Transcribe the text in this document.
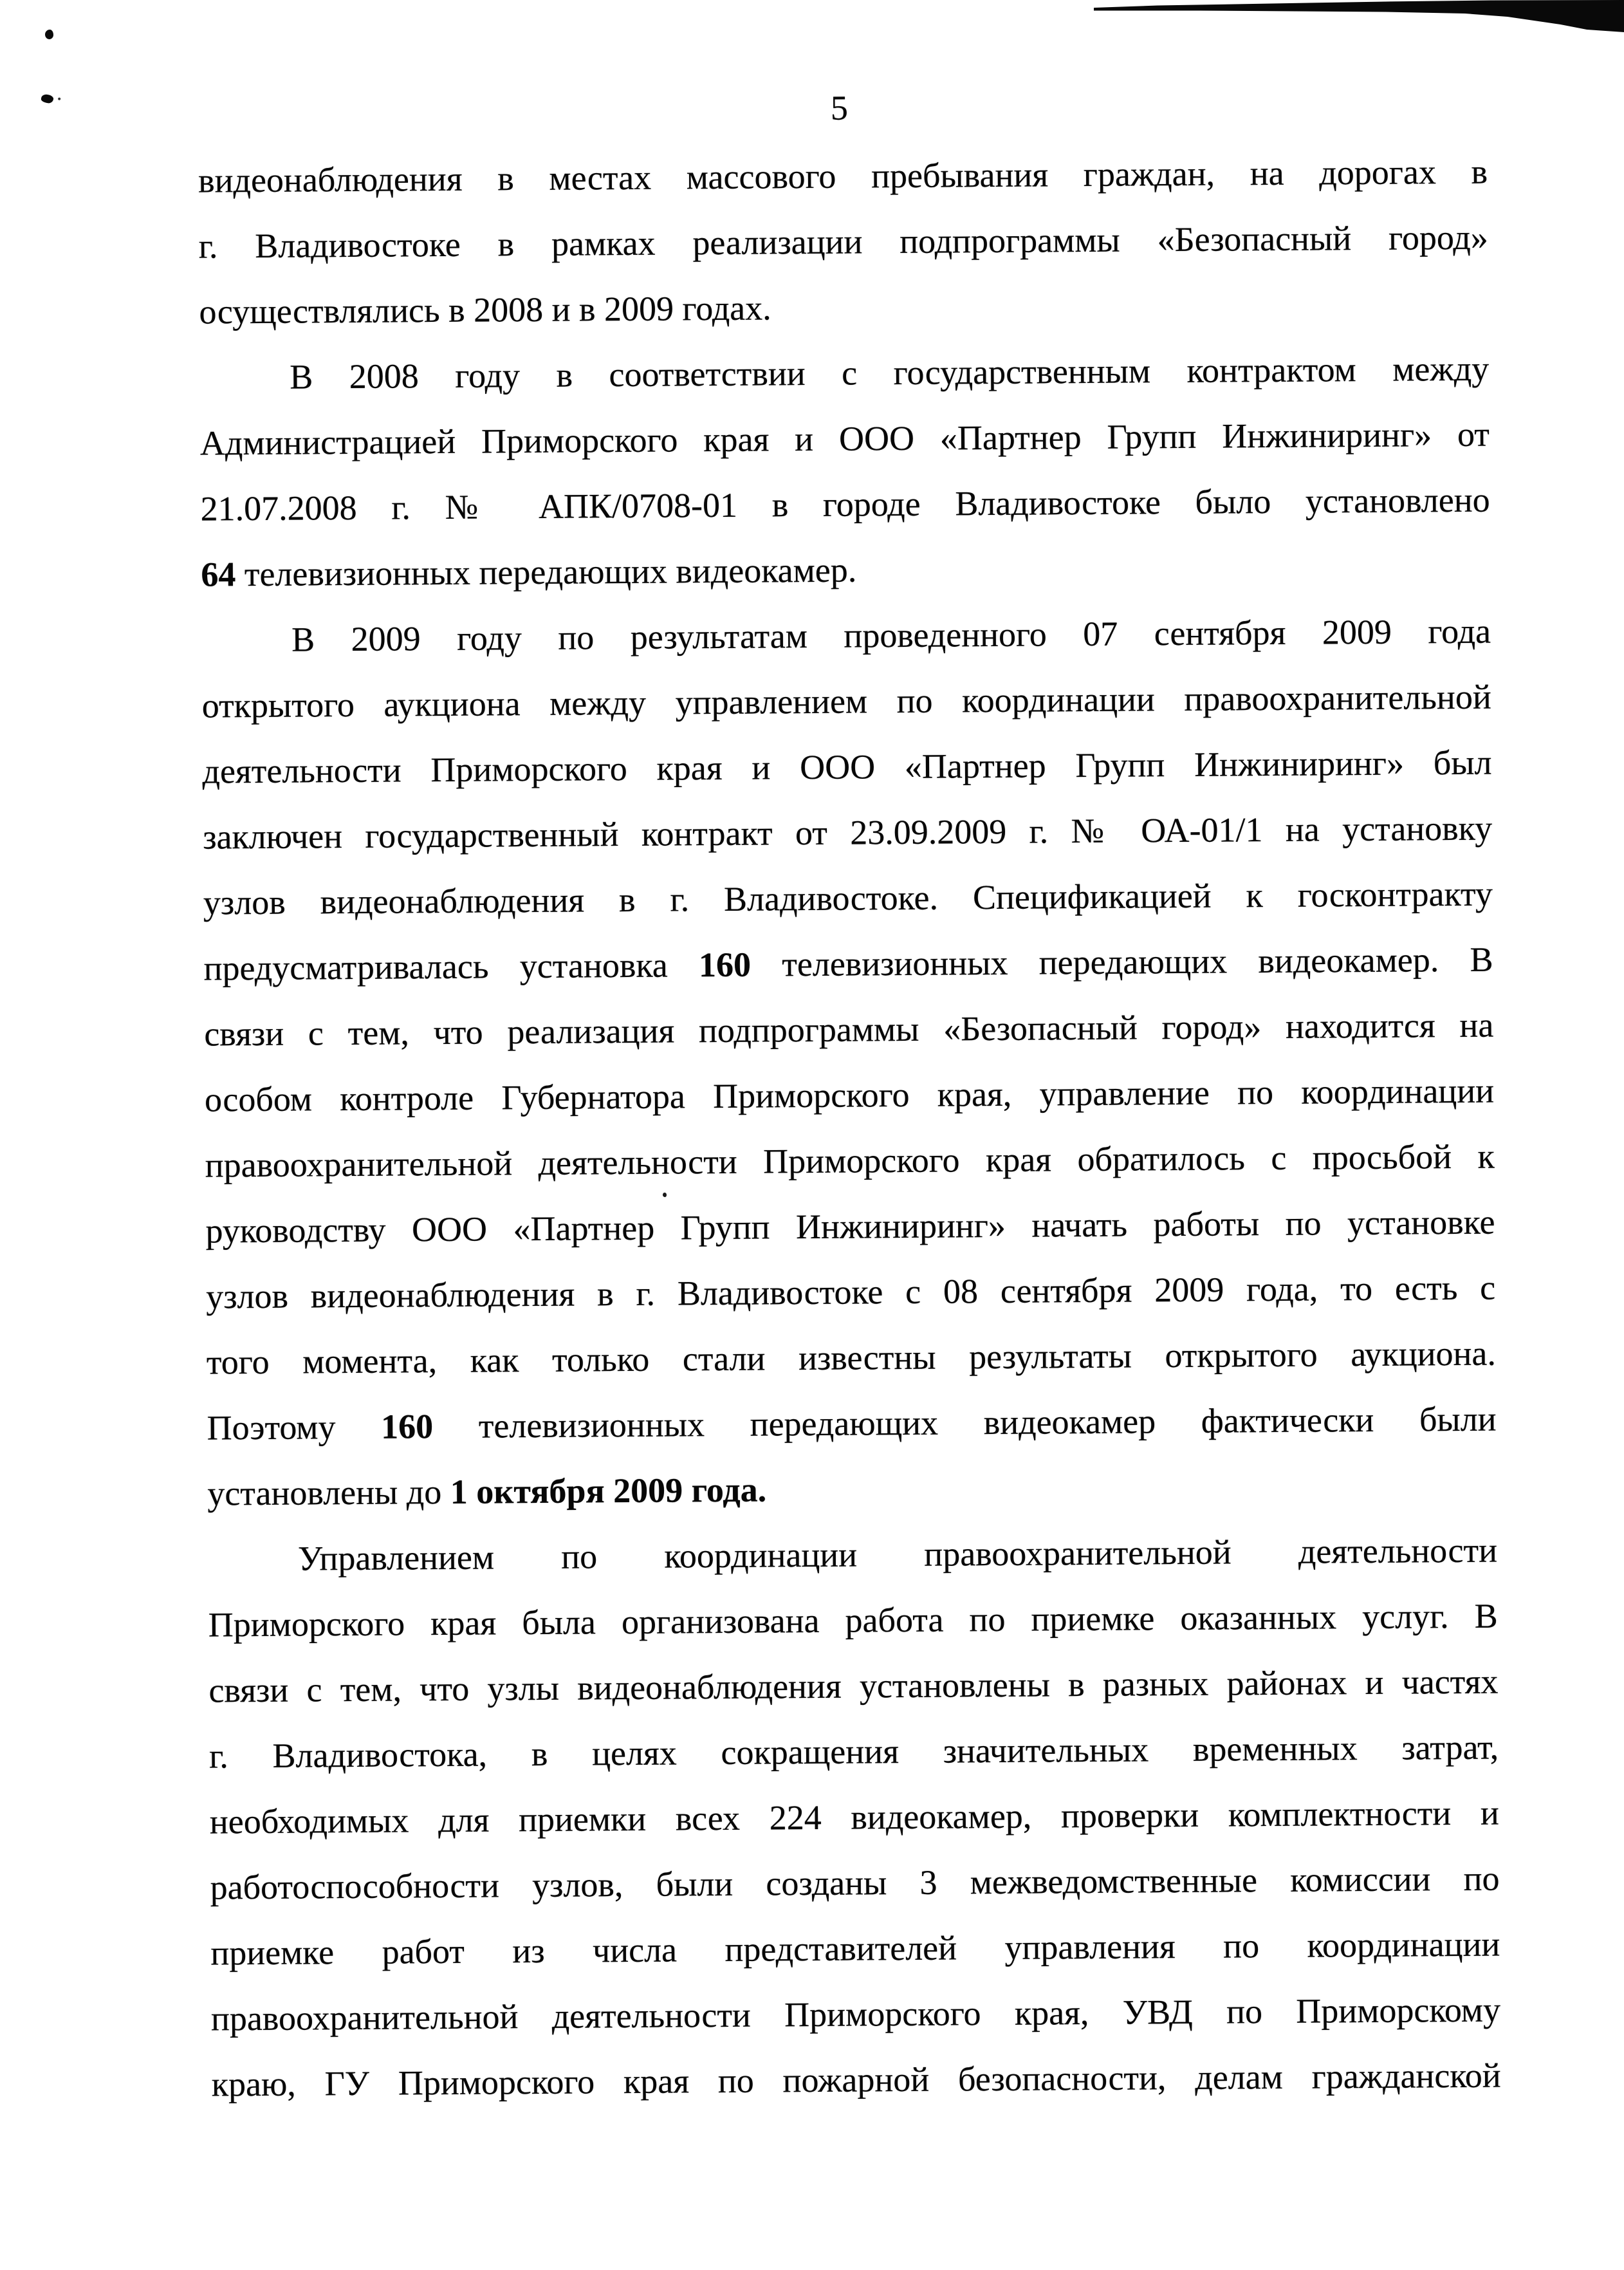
5
видеонаблюдения в местах массового пребывания граждан, на дорогах в
г. Владивостоке в рамках реализации подпрограммы «Безопасный город»
осуществлялись в 2008 и в 2009 годах.
В 2008 году в соответствии с государственным контрактом между
Администрацией Приморского края и ООО «Партнер Групп Инжиниринг» от
21.07.2008 г. № АПК/0708-01 в городе Владивостоке было установлено
64 телевизионных передающих видеокамер.
В 2009 году по результатам проведенного 07 сентября 2009 года
открытого аукциона между управлением по координации правоохранительной
деятельности Приморского края и ООО «Партнер Групп Инжиниринг» был
заключен государственный контракт от 23.09.2009 г. № ОА-01/1 на установку
узлов видеонаблюдения в г. Владивостоке. Спецификацией к госконтракту
предусматривалась установка 160 телевизионных передающих видеокамер. В
связи с тем, что реализация подпрограммы «Безопасный город» находится на
особом контроле Губернатора Приморского края, управление по координации
правоохранительной деятельности Приморского края обратилось с просьбой к
руководству ООО «Партнер Групп Инжиниринг» начать работы по установке
узлов видеонаблюдения в г. Владивостоке с 08 сентября 2009 года, то есть с
того момента, как только стали известны результаты открытого аукциона.
Поэтому 160 телевизионных передающих видеокамер фактически были
установлены до 1 октября 2009 года.
Управлением по координации правоохранительной деятельности
Приморского края была организована работа по приемке оказанных услуг. В
связи с тем, что узлы видеонаблюдения установлены в разных районах и частях
г. Владивостока, в целях сокращения значительных временных затрат,
необходимых для приемки всех 224 видеокамер, проверки комплектности и
работоспособности узлов, были созданы 3 межведомственные комиссии по
приемке работ из числа представителей управления по координации
правоохранительной деятельности Приморского края, УВД по Приморскому
краю, ГУ Приморского края по пожарной безопасности, делам гражданской
